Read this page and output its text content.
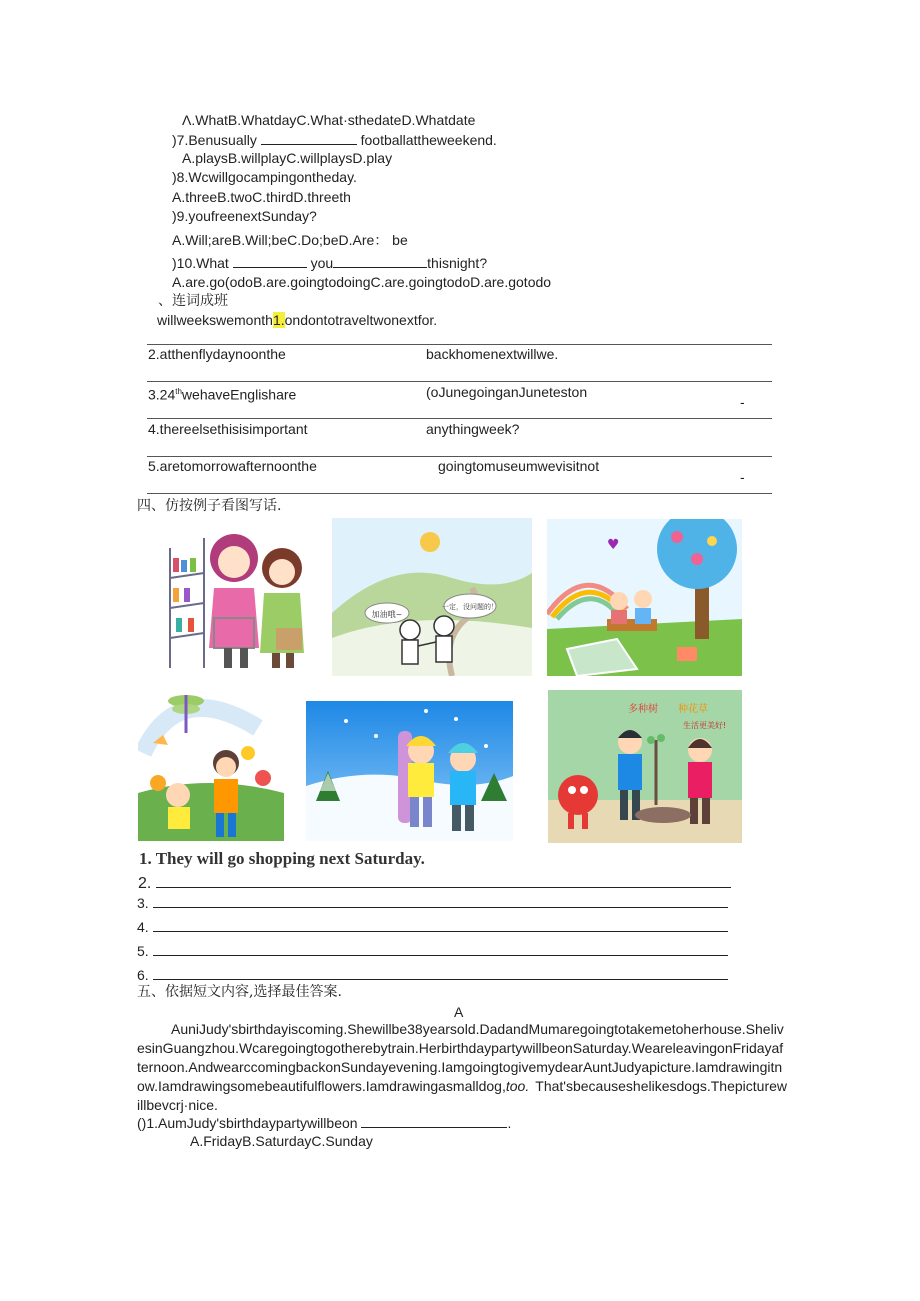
Λ.WhatB.WhatdayC.What·sthedateD.Whatdate
)7.Benusually	footballattheweekend.
A.playsB.willplayC.willplaysD.play
)8.Wcwillgocampingontheday.
A.threeB.twoC.thirdD.threeth
)9.youfreenextSunday?
A.Will;areB.Will;beC.Do;beD.Are： be
)10.What	you	thisnight?
A.are.go(odoB.are.goingtodoingC.are.goingtodoD.are.gotodo
、连词成班
willweekswemonth1.ondontotraveltwonextfor.
2.atthenflydaynoonthe	backhomenextwillwe.
3.24thwehaveEnglishare	(oJunegoinganJuneteston
-
4.thereelsethisisimportant	anythingweek?
5.aretomorrowafternoonthe	goingtomuseumwevisitnot
-
四、仿按例子看图写话.
加油哦~
一定，没问题的！
♥
多种树 种花草
生活更美好!
1. They will go shopping next Saturday.
2.
3.
4.
5.
6.
五、依据短文内容,选择最佳答案.
A
AuniJudy'sbirthdayiscoming.Shewillbe38yearsold.DadandMumaregoingtotakemetoherhouse.ShelivesinGuangzhou.Wcaregoingtogotherebytrain.HerbirthdaypartywillbeonSaturday.WeareleavingonFridayafternoon.AndwearccomingbackonSundayevening.IamgoingtogivemydearAuntJudyapicture.Iamdrawingitnow.Iamdrawingsomebeautifulflowers.Iamdrawingasmalldog,too. That'sbecauseshelikesdogs.Thepicturewillbevcrj·nice.
()1.AumJudy'sbirthdaypartywillbeon	.
A.FridayB.SaturdayC.Sunday
